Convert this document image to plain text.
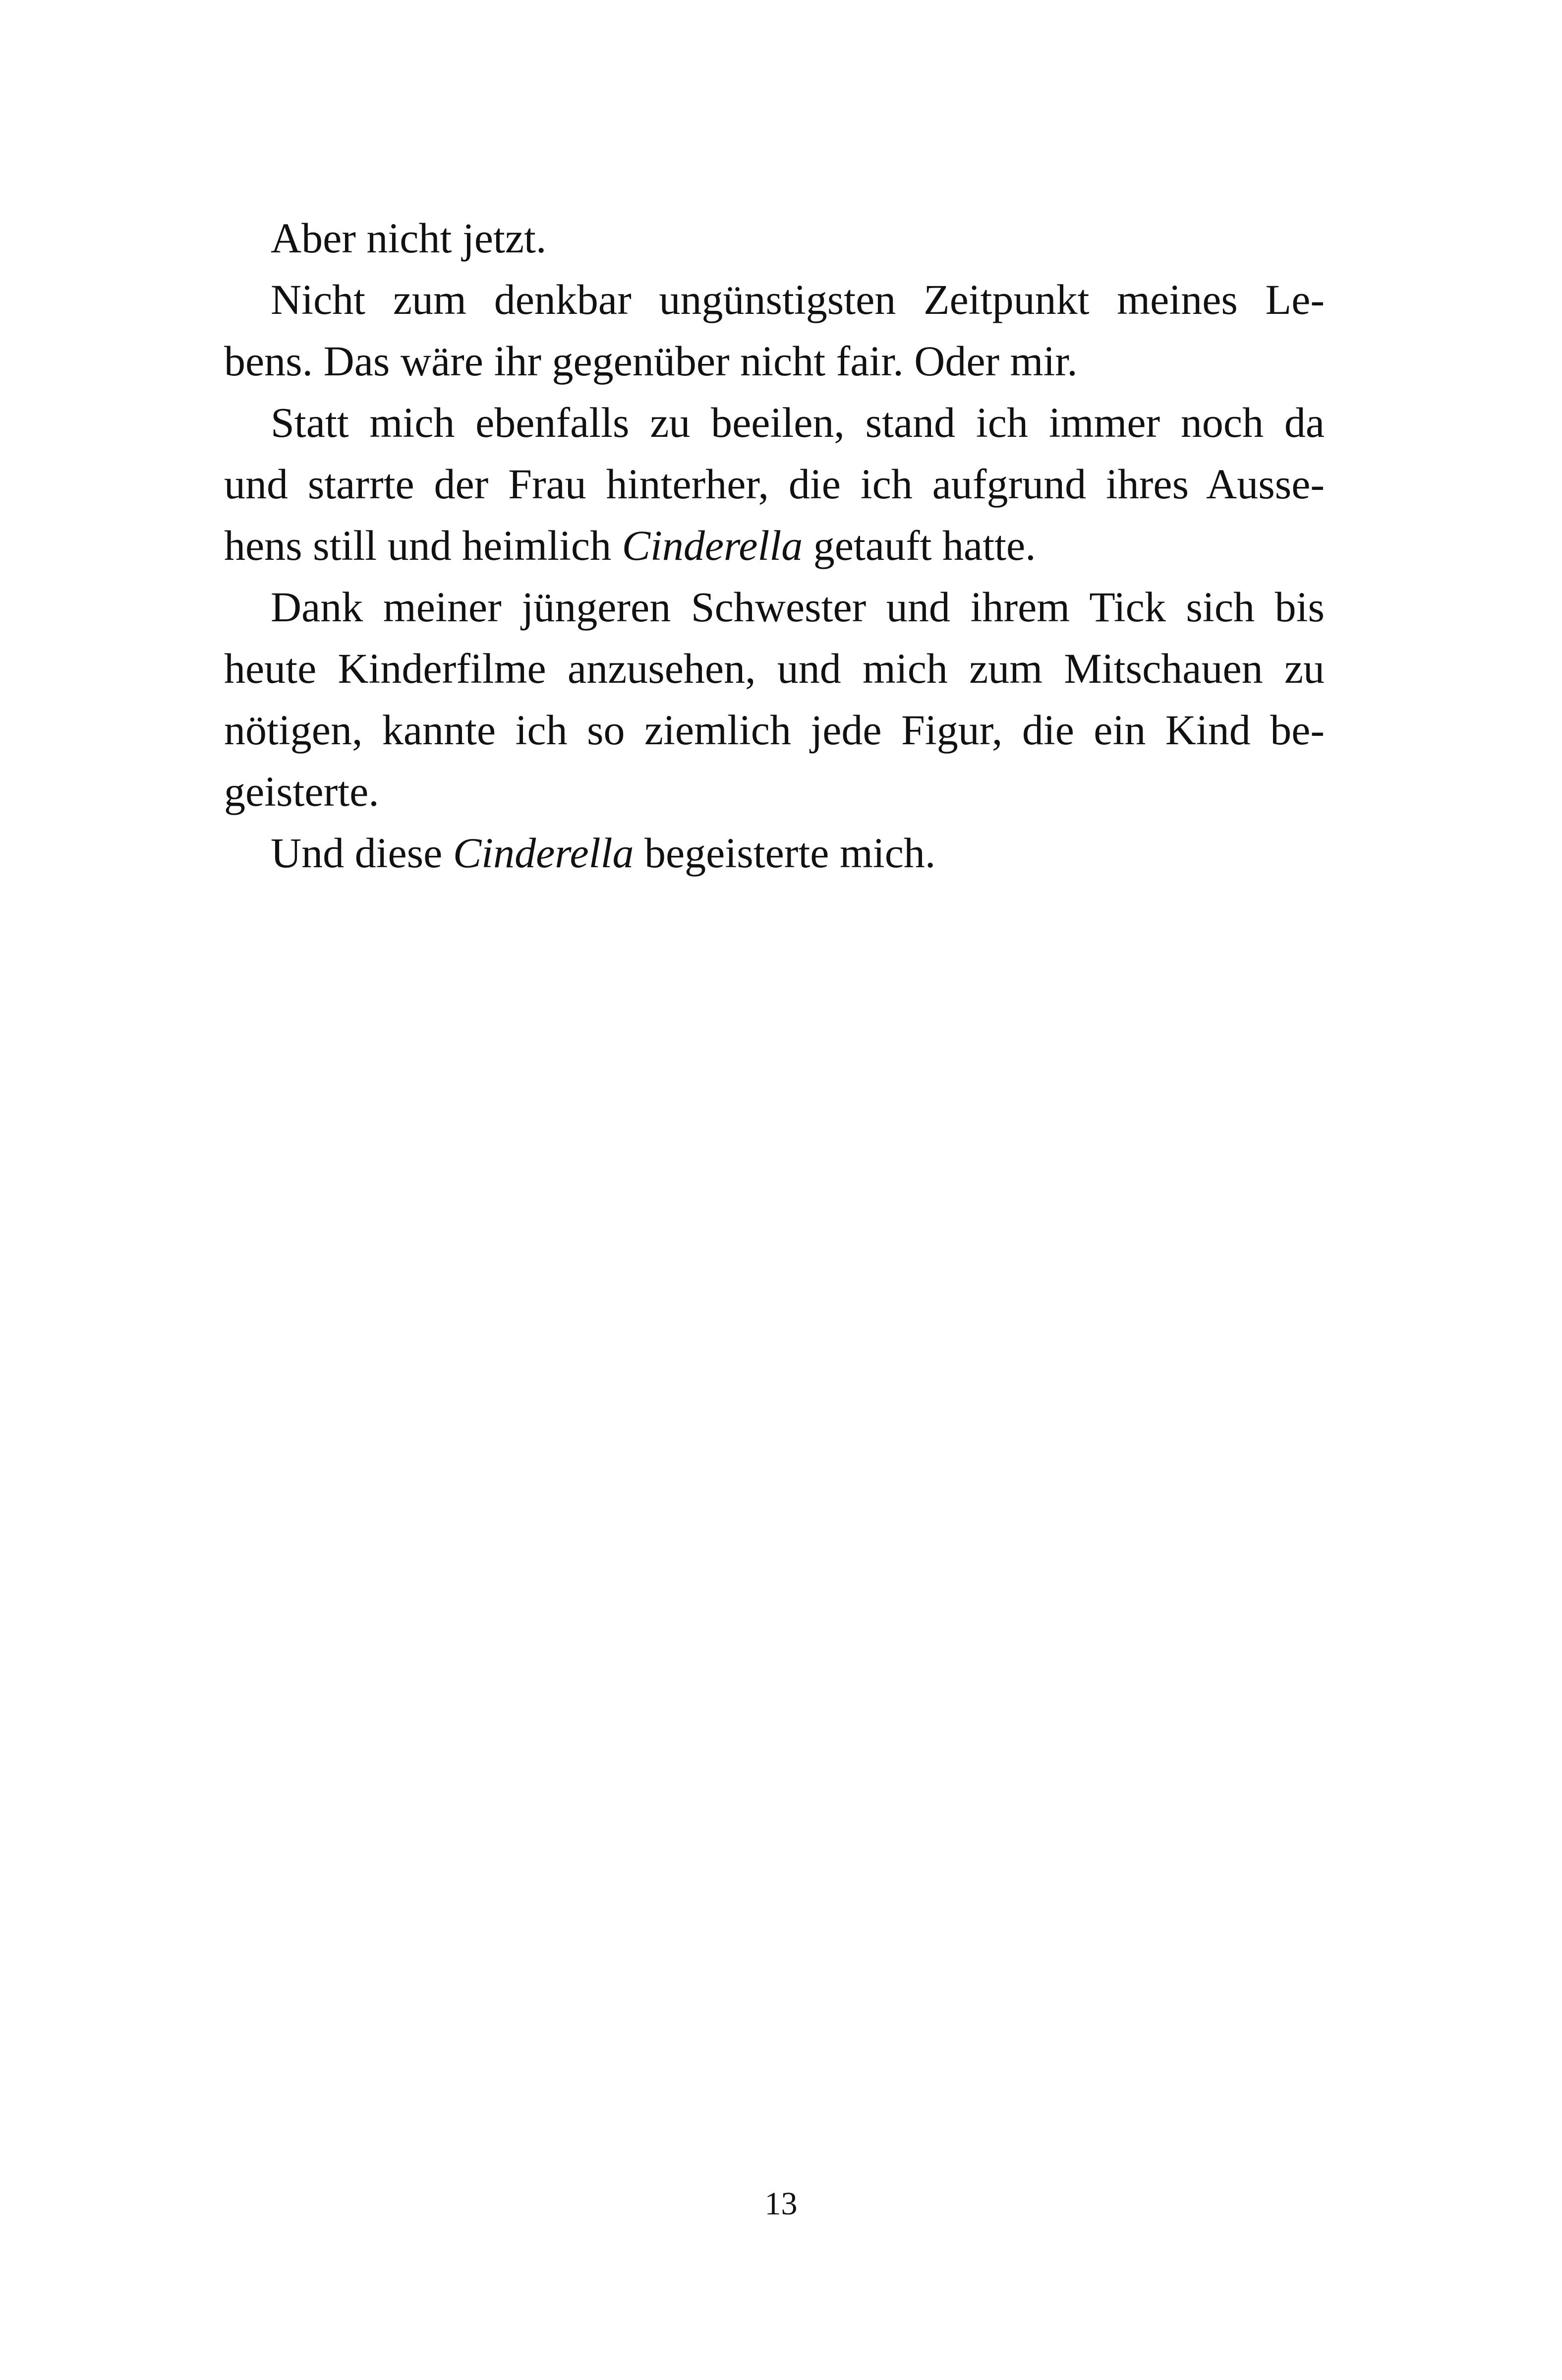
Aber nicht jetzt.
Nicht zum denkbar ungünstigsten Zeitpunkt meines Le-
bens. Das wäre ihr gegenüber nicht fair. Oder mir.
Statt mich ebenfalls zu beeilen, stand ich immer noch da
und starrte der Frau hinterher, die ich aufgrund ihres Ausse-
hens still und heimlich Cinderella getauft hatte.
Dank meiner jüngeren Schwester und ihrem Tick sich bis
heute Kinderfilme anzusehen, und mich zum Mitschauen zu
nötigen, kannte ich so ziemlich jede Figur, die ein Kind be-
geisterte.
Und diese Cinderella begeisterte mich.
13
